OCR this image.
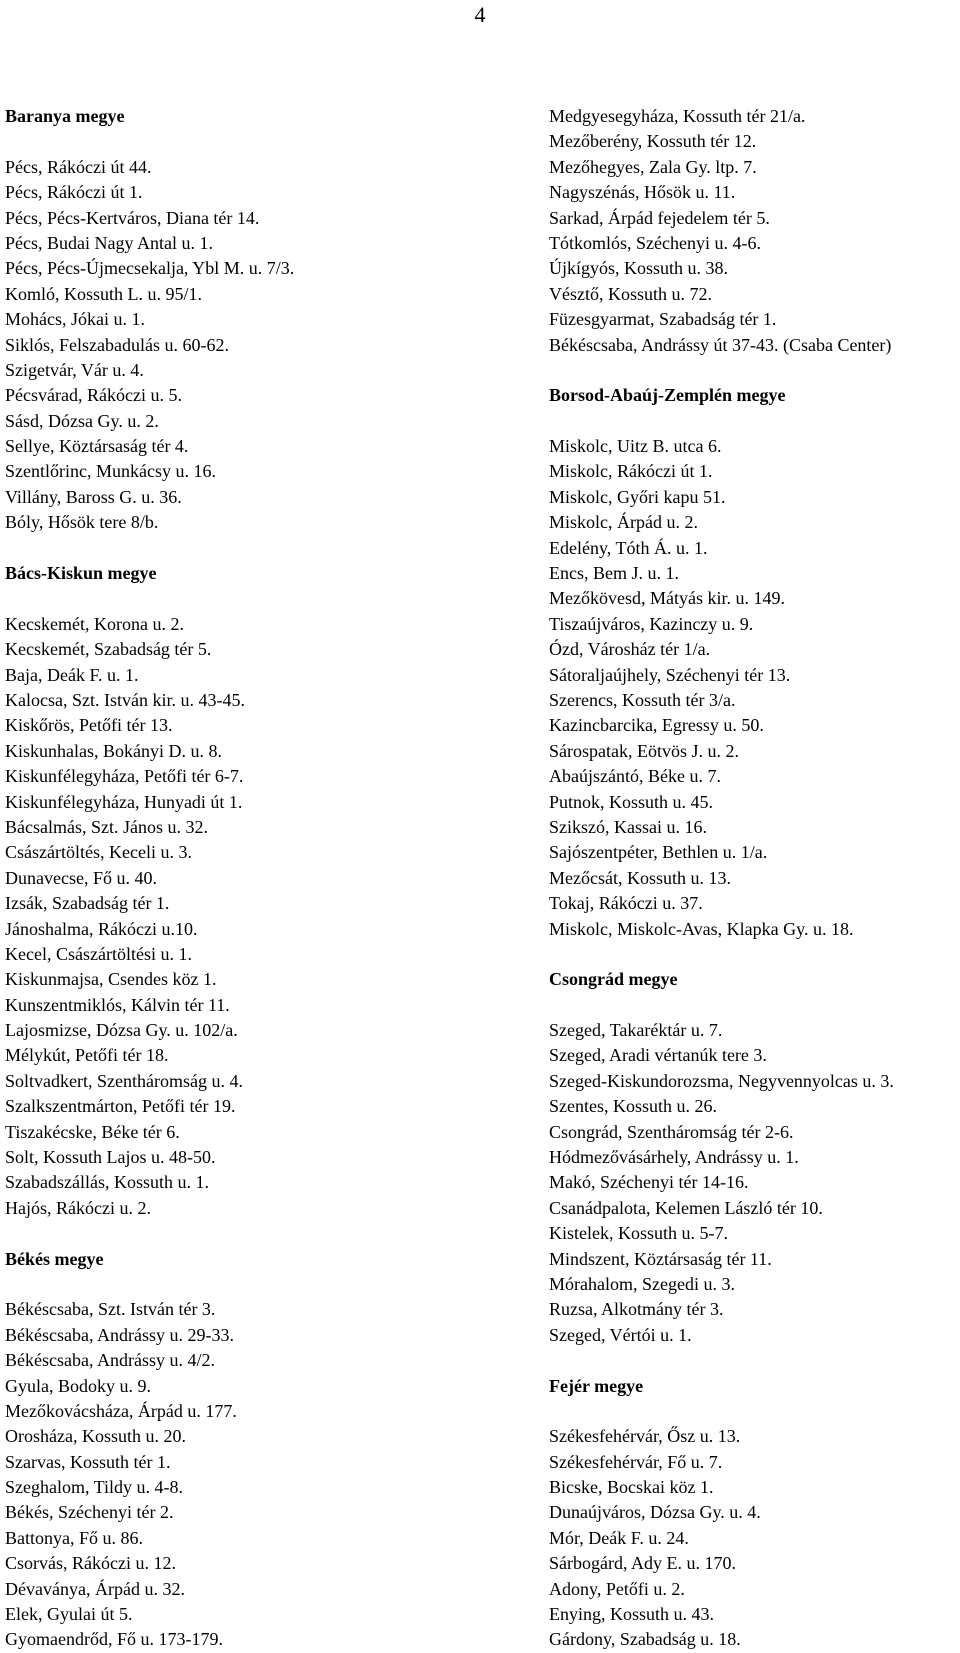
4
Baranya megye
Pécs, Rákóczi út 44.
Pécs, Rákóczi út 1.
Pécs, Pécs-Kertváros, Diana tér 14.
Pécs, Budai Nagy Antal u. 1.
Pécs, Pécs-Újmecsekalja, Ybl M. u. 7/3.
Komló, Kossuth L. u. 95/1.
Mohács, Jókai u. 1.
Siklós, Felszabadulás u. 60-62.
Szigetvár, Vár u. 4.
Pécsvárad, Rákóczi u. 5.
Sásd, Dózsa Gy. u. 2.
Sellye, Köztársaság tér 4.
Szentlőrinc, Munkácsy u. 16.
Villány, Baross G. u. 36.
Bóly, Hősök tere 8/b.
Bács-Kiskun megye
Kecskemét, Korona u. 2.
Kecskemét, Szabadság tér 5.
Baja, Deák F. u. 1.
Kalocsa, Szt. István kir. u. 43-45.
Kiskőrös, Petőfi tér 13.
Kiskunhalas, Bokányi D. u. 8.
Kiskunfélegyháza, Petőfi tér 6-7.
Kiskunfélegyháza, Hunyadi út 1.
Bácsalmás, Szt. János u. 32.
Császártöltés, Keceli u. 3.
Dunavecse, Fő u. 40.
Izsák, Szabadság tér 1.
Jánoshalma, Rákóczi u.10.
Kecel, Császártöltési u. 1.
Kiskunmajsa, Csendes köz 1.
Kunszentmiklós, Kálvin tér 11.
Lajosmizse, Dózsa Gy. u. 102/a.
Mélykút, Petőfi tér 18.
Soltvadkert, Szentháromság u. 4.
Szalkszentmárton, Petőfi tér 19.
Tiszakécske, Béke tér 6.
Solt, Kossuth Lajos u. 48-50.
Szabadszállás, Kossuth u. 1.
Hajós, Rákóczi u. 2.
Békés megye
Békéscsaba, Szt. István tér 3.
Békéscsaba, Andrássy u. 29-33.
Békéscsaba, Andrássy u. 4/2.
Gyula, Bodoky u. 9.
Mezőkovácsháza, Árpád u. 177.
Orosháza, Kossuth u. 20.
Szarvas, Kossuth tér 1.
Szeghalom, Tildy u. 4-8.
Békés, Széchenyi tér 2.
Battonya, Fő u. 86.
Csorvás, Rákóczi u. 12.
Dévaványa, Árpád u. 32.
Elek, Gyulai út 5.
Gyomaendrőd, Fő u. 173-179.
Medgyesegyháza, Kossuth tér 21/a.
Mezőberény, Kossuth tér 12.
Mezőhegyes, Zala Gy. ltp. 7.
Nagyszénás, Hősök u. 11.
Sarkad, Árpád fejedelem tér 5.
Tótkomlós, Széchenyi u. 4-6.
Újkígyós, Kossuth u. 38.
Vésztő, Kossuth u. 72.
Füzesgyarmat, Szabadság tér 1.
Békéscsaba, Andrássy út 37-43. (Csaba Center)
Borsod-Abaúj-Zemplén megye
Miskolc, Uitz B. utca 6.
Miskolc, Rákóczi út 1.
Miskolc, Győri kapu 51.
Miskolc, Árpád u. 2.
Edelény, Tóth Á. u. 1.
Encs, Bem J. u. 1.
Mezőkövesd, Mátyás kir. u. 149.
Tiszaújváros, Kazinczy u. 9.
Ózd, Városház tér 1/a.
Sátoraljaújhely, Széchenyi tér 13.
Szerencs, Kossuth tér 3/a.
Kazincbarcika, Egressy u. 50.
Sárospatak, Eötvös J. u. 2.
Abaújszántó, Béke u. 7.
Putnok, Kossuth u. 45.
Szikszó, Kassai u. 16.
Sajószentpéter, Bethlen u. 1/a.
Mezőcsát, Kossuth u. 13.
Tokaj, Rákóczi u. 37.
Miskolc, Miskolc-Avas, Klapka Gy. u. 18.
Csongrád megye
Szeged, Takaréktár u. 7.
Szeged, Aradi vértanúk tere 3.
Szeged-Kiskundorozsma, Negyvennyolcas u. 3.
Szentes, Kossuth u. 26.
Csongrád, Szentháromság tér 2-6.
Hódmezővásárhely, Andrássy u. 1.
Makó, Széchenyi tér 14-16.
Csanádpalota, Kelemen László tér 10.
Kistelek, Kossuth u. 5-7.
Mindszent, Köztársaság tér 11.
Mórahalom, Szegedi u. 3.
Ruzsa, Alkotmány tér 3.
Szeged, Vértói u. 1.
Fejér megye
Székesfehérvár, Ősz u. 13.
Székesfehérvár, Fő u. 7.
Bicske, Bocskai köz 1.
Dunaújváros, Dózsa Gy. u. 4.
Mór, Deák F. u. 24.
Sárbogárd, Ady E. u. 170.
Adony, Petőfi u. 2.
Enying, Kossuth u. 43.
Gárdony, Szabadság u. 18.
